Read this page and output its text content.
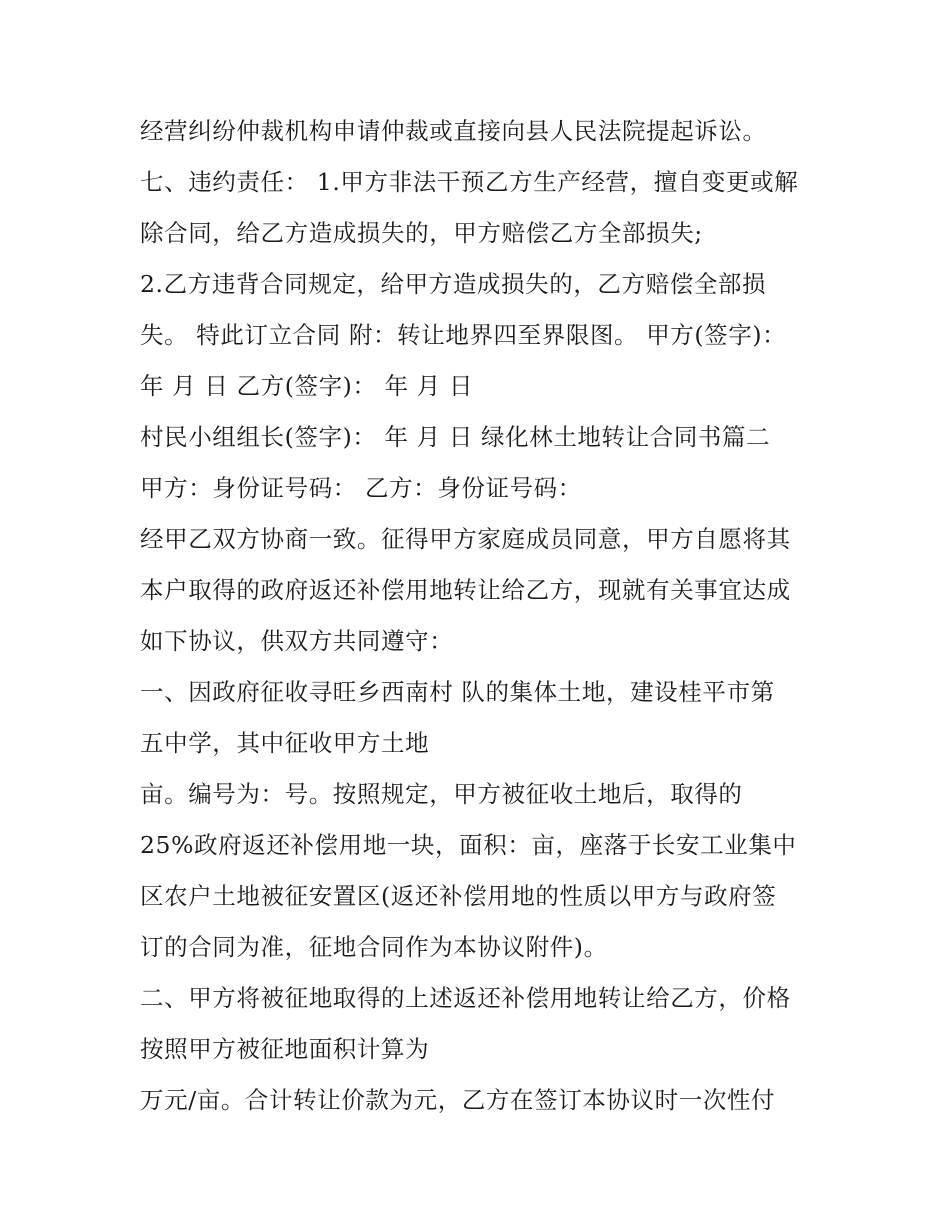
经营纠纷仲裁机构申请仲裁或直接向县人民法院提起诉讼。
七、违约责任： 1.甲方非法干预乙方生产经营，擅自变更或解
除合同，给乙方造成损失的，甲方赔偿乙方全部损失;
2.乙方违背合同规定，给甲方造成损失的，乙方赔偿全部损
失。 特此订立合同 附：转让地界四至界限图。 甲方(签字)：
年 月 日 乙方(签字)： 年 月 日
村民小组组长(签字)： 年 月 日 绿化林土地转让合同书篇二
甲方：身份证号码： 乙方：身份证号码：
经甲乙双方协商一致。征得甲方家庭成员同意，甲方自愿将其
本户取得的政府返还补偿用地转让给乙方，现就有关事宜达成
如下协议，供双方共同遵守：
一、因政府征收寻旺乡西南村 队的集体土地，建设桂平市第
五中学，其中征收甲方土地
亩。编号为：号。按照规定，甲方被征收土地后，取得的
25%政府返还补偿用地一块，面积：亩，座落于长安工业集中
区农户土地被征安置区(返还补偿用地的性质以甲方与政府签
订的合同为准，征地合同作为本协议附件)。
二、甲方将被征地取得的上述返还补偿用地转让给乙方，价格
按照甲方被征地面积计算为
万元/亩。合计转让价款为元，乙方在签订本协议时一次性付
